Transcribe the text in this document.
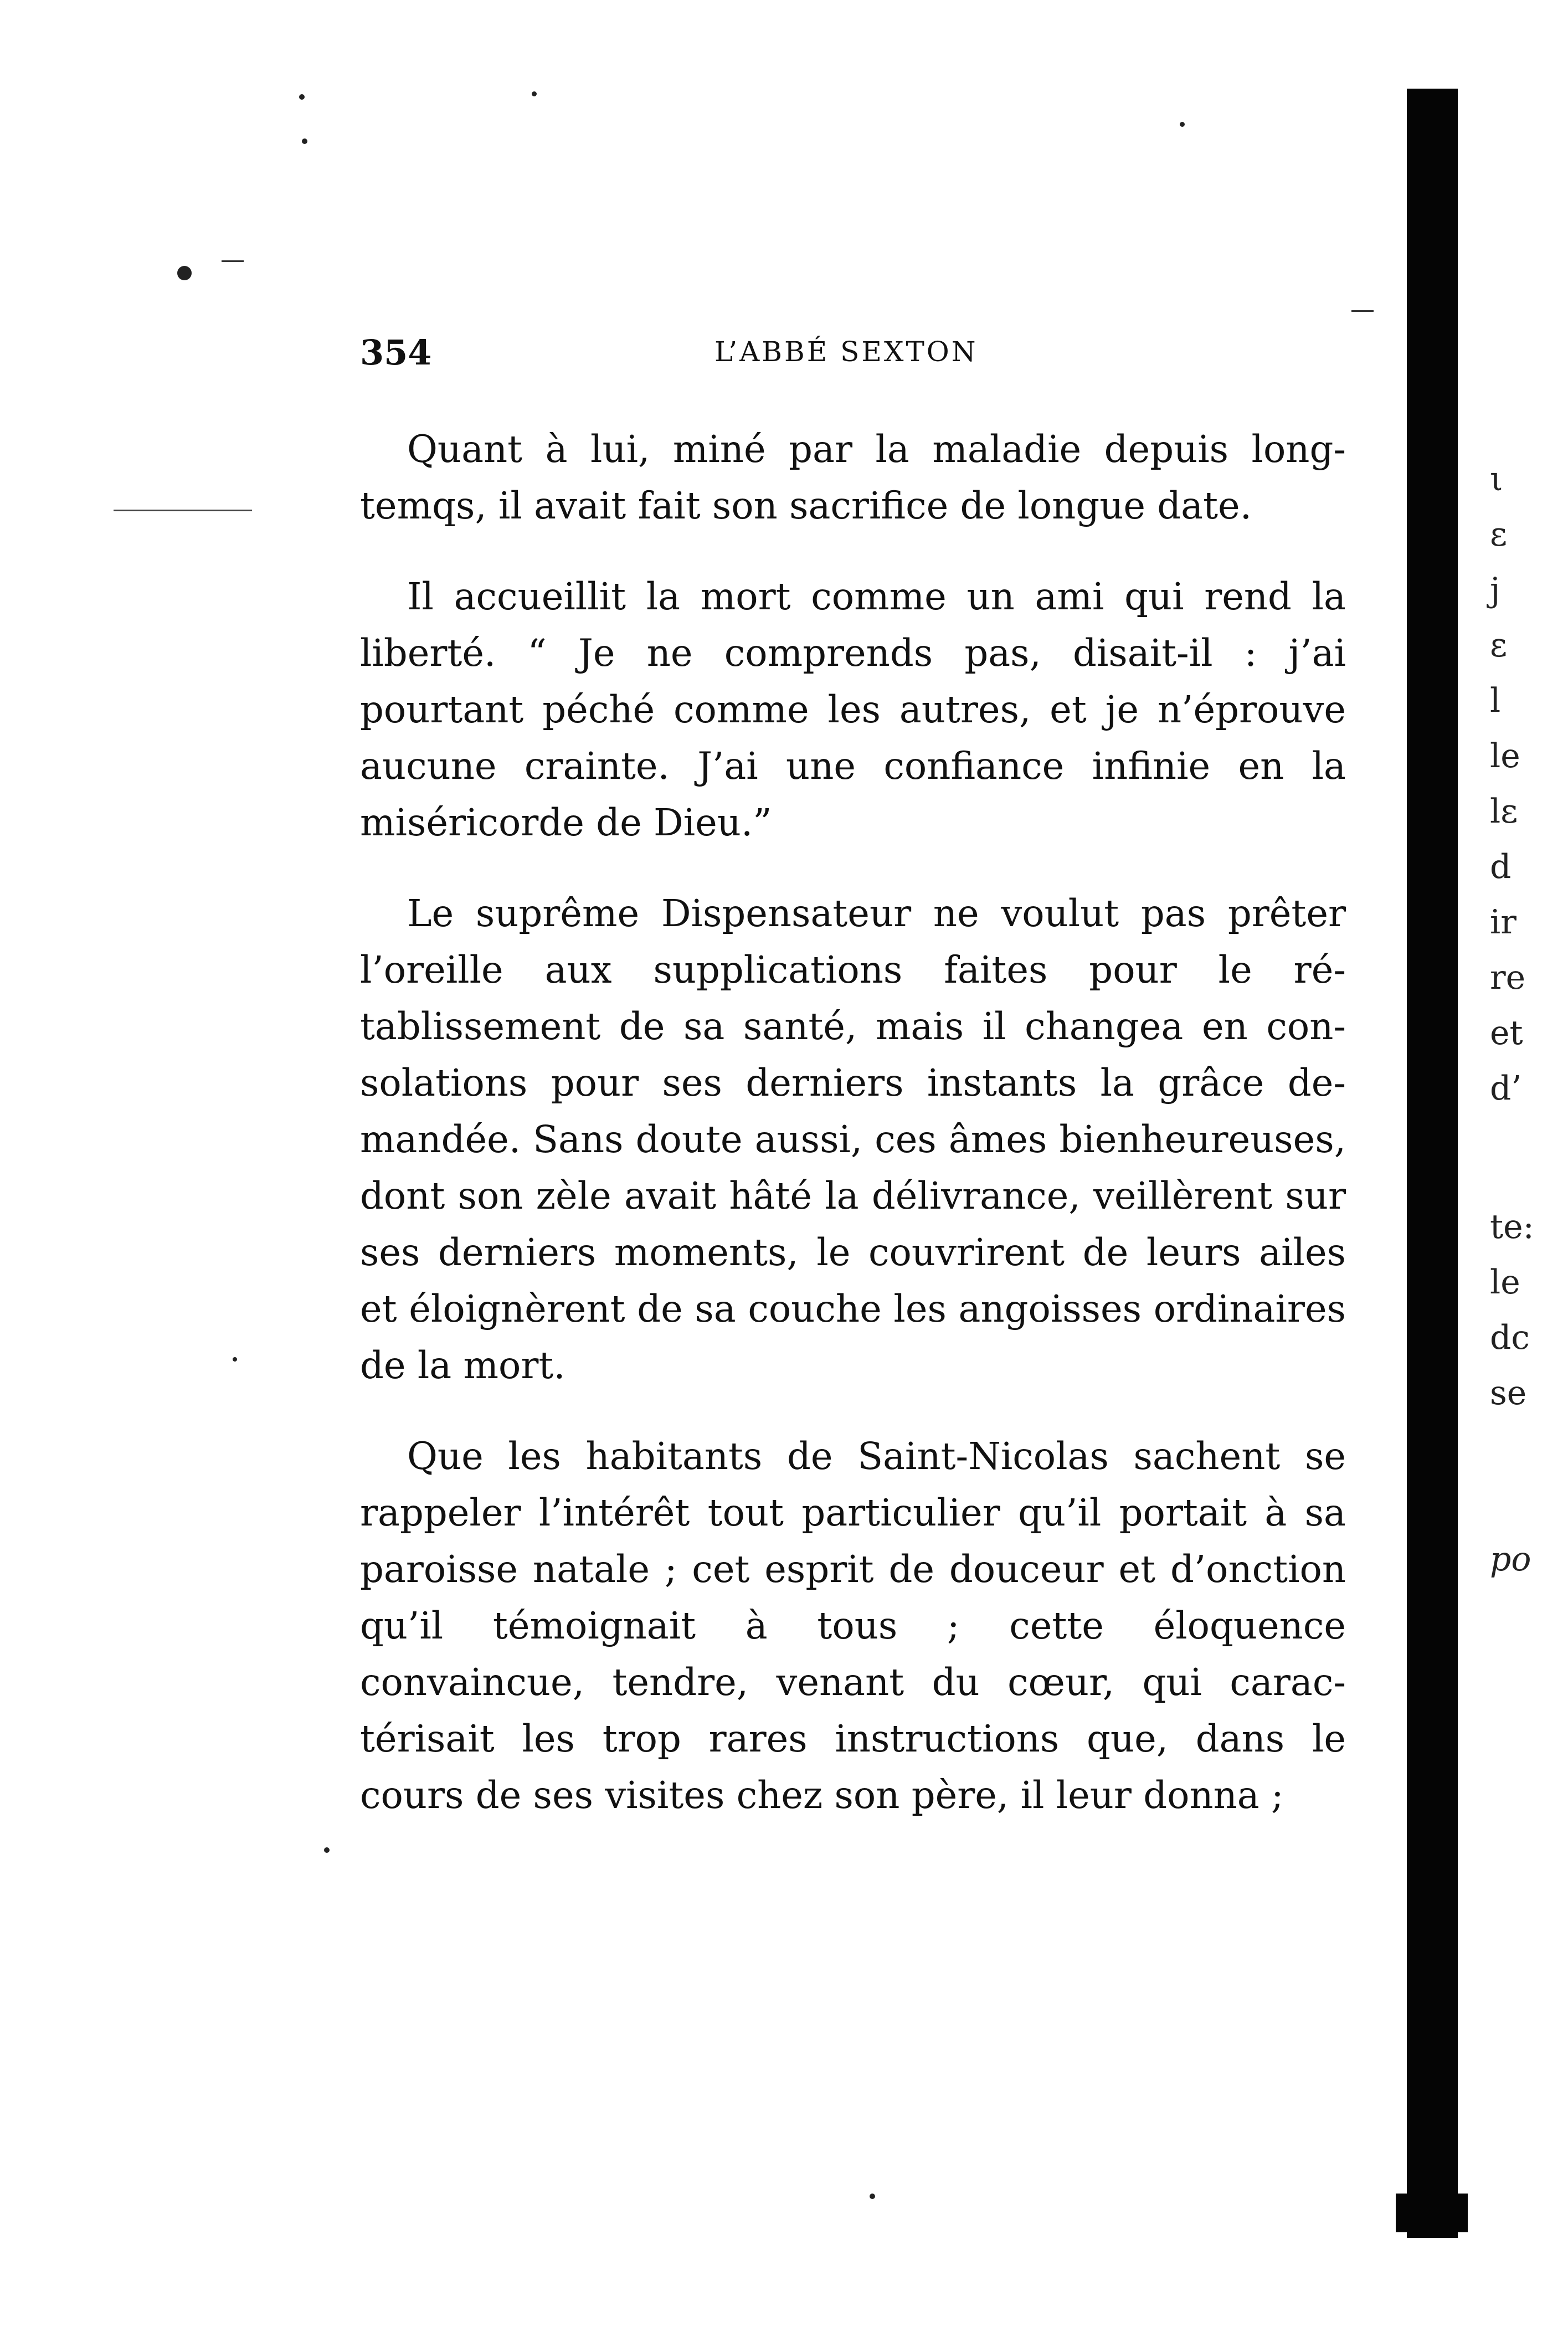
354	L’ABBÉ SEXTON

Quant à lui, miné par la maladie depuis longtemqs, il avait fait son sacrifice de longue date.

Il accueillit la mort comme un ami qui rend la liberté. “ Je ne comprends pas, disait-il : j’ai pourtant péché comme les autres, et je n’éprouve aucune crainte. J’ai une confiance infinie en la miséricorde de Dieu.”

Le suprême Dispensateur ne voulut pas prêter l’oreille aux supplications faites pour le rétablissement de sa santé, mais il changea en consolations pour ses derniers instants la grâce demandée. Sans doute aussi, ces âmes bienheureuses, dont son zèle avait hâté la délivrance, veillèrent sur ses derniers moments, le couvrirent de leurs ailes et éloignèrent de sa couche les angoisses ordinaires de la mort.

Que les habitants de Saint-Nicolas sachent se rappeler l’intérêt tout particulier qu’il portait à sa paroisse natale ; cet esprit de douceur et d’onction qu’il témoignait à tous ; cette éloquence convaincue, tendre, venant du cœur, qui caractérisait les trop rares instructions que, dans le cours de ses visites chez son père, il leur donna ;

ι
ε
j
ε
l
le
lε
d
ir
re
et
d’
te:
le
dc
se
po
